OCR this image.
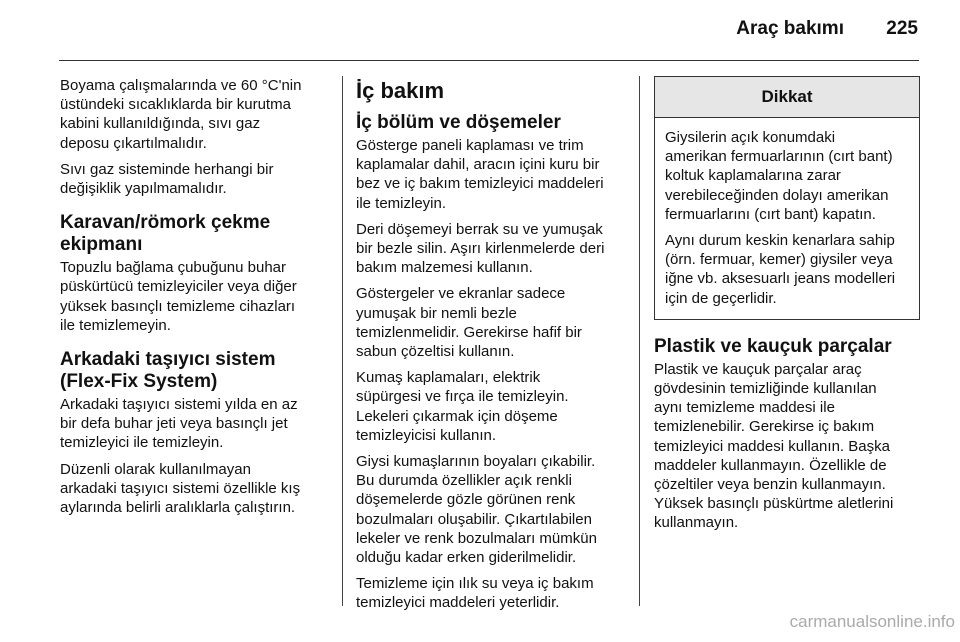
Araç bakımı	225

Boyama çalışmalarında ve 60 °C'nin
üstündeki sıcaklıklarda bir kurutma
kabini kullanıldığında, sıvı gaz
deposu çıkartılmalıdır.

Sıvı gaz sisteminde herhangi bir
değişiklik yapılmamalıdır.

Karavan/römork çekme
ekipmanı

Topuzlu bağlama çubuğunu buhar
püskürtücü temizleyiciler veya diğer
yüksek basınçlı temizleme cihazları
ile temizlemeyin.

Arkadaki taşıyıcı sistem
(Flex-Fix System)

Arkadaki taşıyıcı sistemi yılda en az
bir defa buhar jeti veya basınçlı jet
temizleyici ile temizleyin.

Düzenli olarak kullanılmayan
arkadaki taşıyıcı sistemi özellikle kış
aylarında belirli aralıklarla çalıştırın.

İç bakım
İç bölüm ve döşemeler

Gösterge paneli kaplaması ve trim
kaplamalar dahil, aracın içini kuru bir
bez ve iç bakım temizleyici maddeleri
ile temizleyin.

Deri döşemeyi berrak su ve yumuşak
bir bezle silin. Aşırı kirlenmelerde deri
bakım malzemesi kullanın.

Göstergeler ve ekranlar sadece
yumuşak bir nemli bezle
temizlenmelidir. Gerekirse hafif bir
sabun çözeltisi kullanın.

Kumaş kaplamaları, elektrik
süpürgesi ve fırça ile temizleyin.
Lekeleri çıkarmak için döşeme
temizleyicisi kullanın.

Giysi kumaşlarının boyaları çıkabilir.
Bu durumda özellikler açık renkli
döşemelerde gözle görünen renk
bozulmaları oluşabilir. Çıkartılabilen
lekeler ve renk bozulmaları mümkün
olduğu kadar erken giderilmelidir.

Temizleme için ılık su veya iç bakım
temizleyici maddeleri yeterlidir.

Dikkat

Giysilerin açık konumdaki
amerikan fermuarlarının (cırt bant)
koltuk kaplamalarına zarar
verebileceğinden dolayı amerikan
fermuarlarını (cırt bant) kapatın.

Aynı durum keskin kenarlara sahip
(örn. fermuar, kemer) giysiler veya
iğne vb. aksesuarlı jeans modelleri
için de geçerlidir.

Plastik ve kauçuk parçalar

Plastik ve kauçuk parçalar araç
gövdesinin temizliğinde kullanılan
aynı temizleme maddesi ile
temizlenebilir. Gerekirse iç bakım
temizleyici maddesi kullanın. Başka
maddeler kullanmayın. Özellikle de
çözeltiler veya benzin kullanmayın.
Yüksek basınçlı püskürtme aletlerini
kullanmayın.

carmanualsonline.info
